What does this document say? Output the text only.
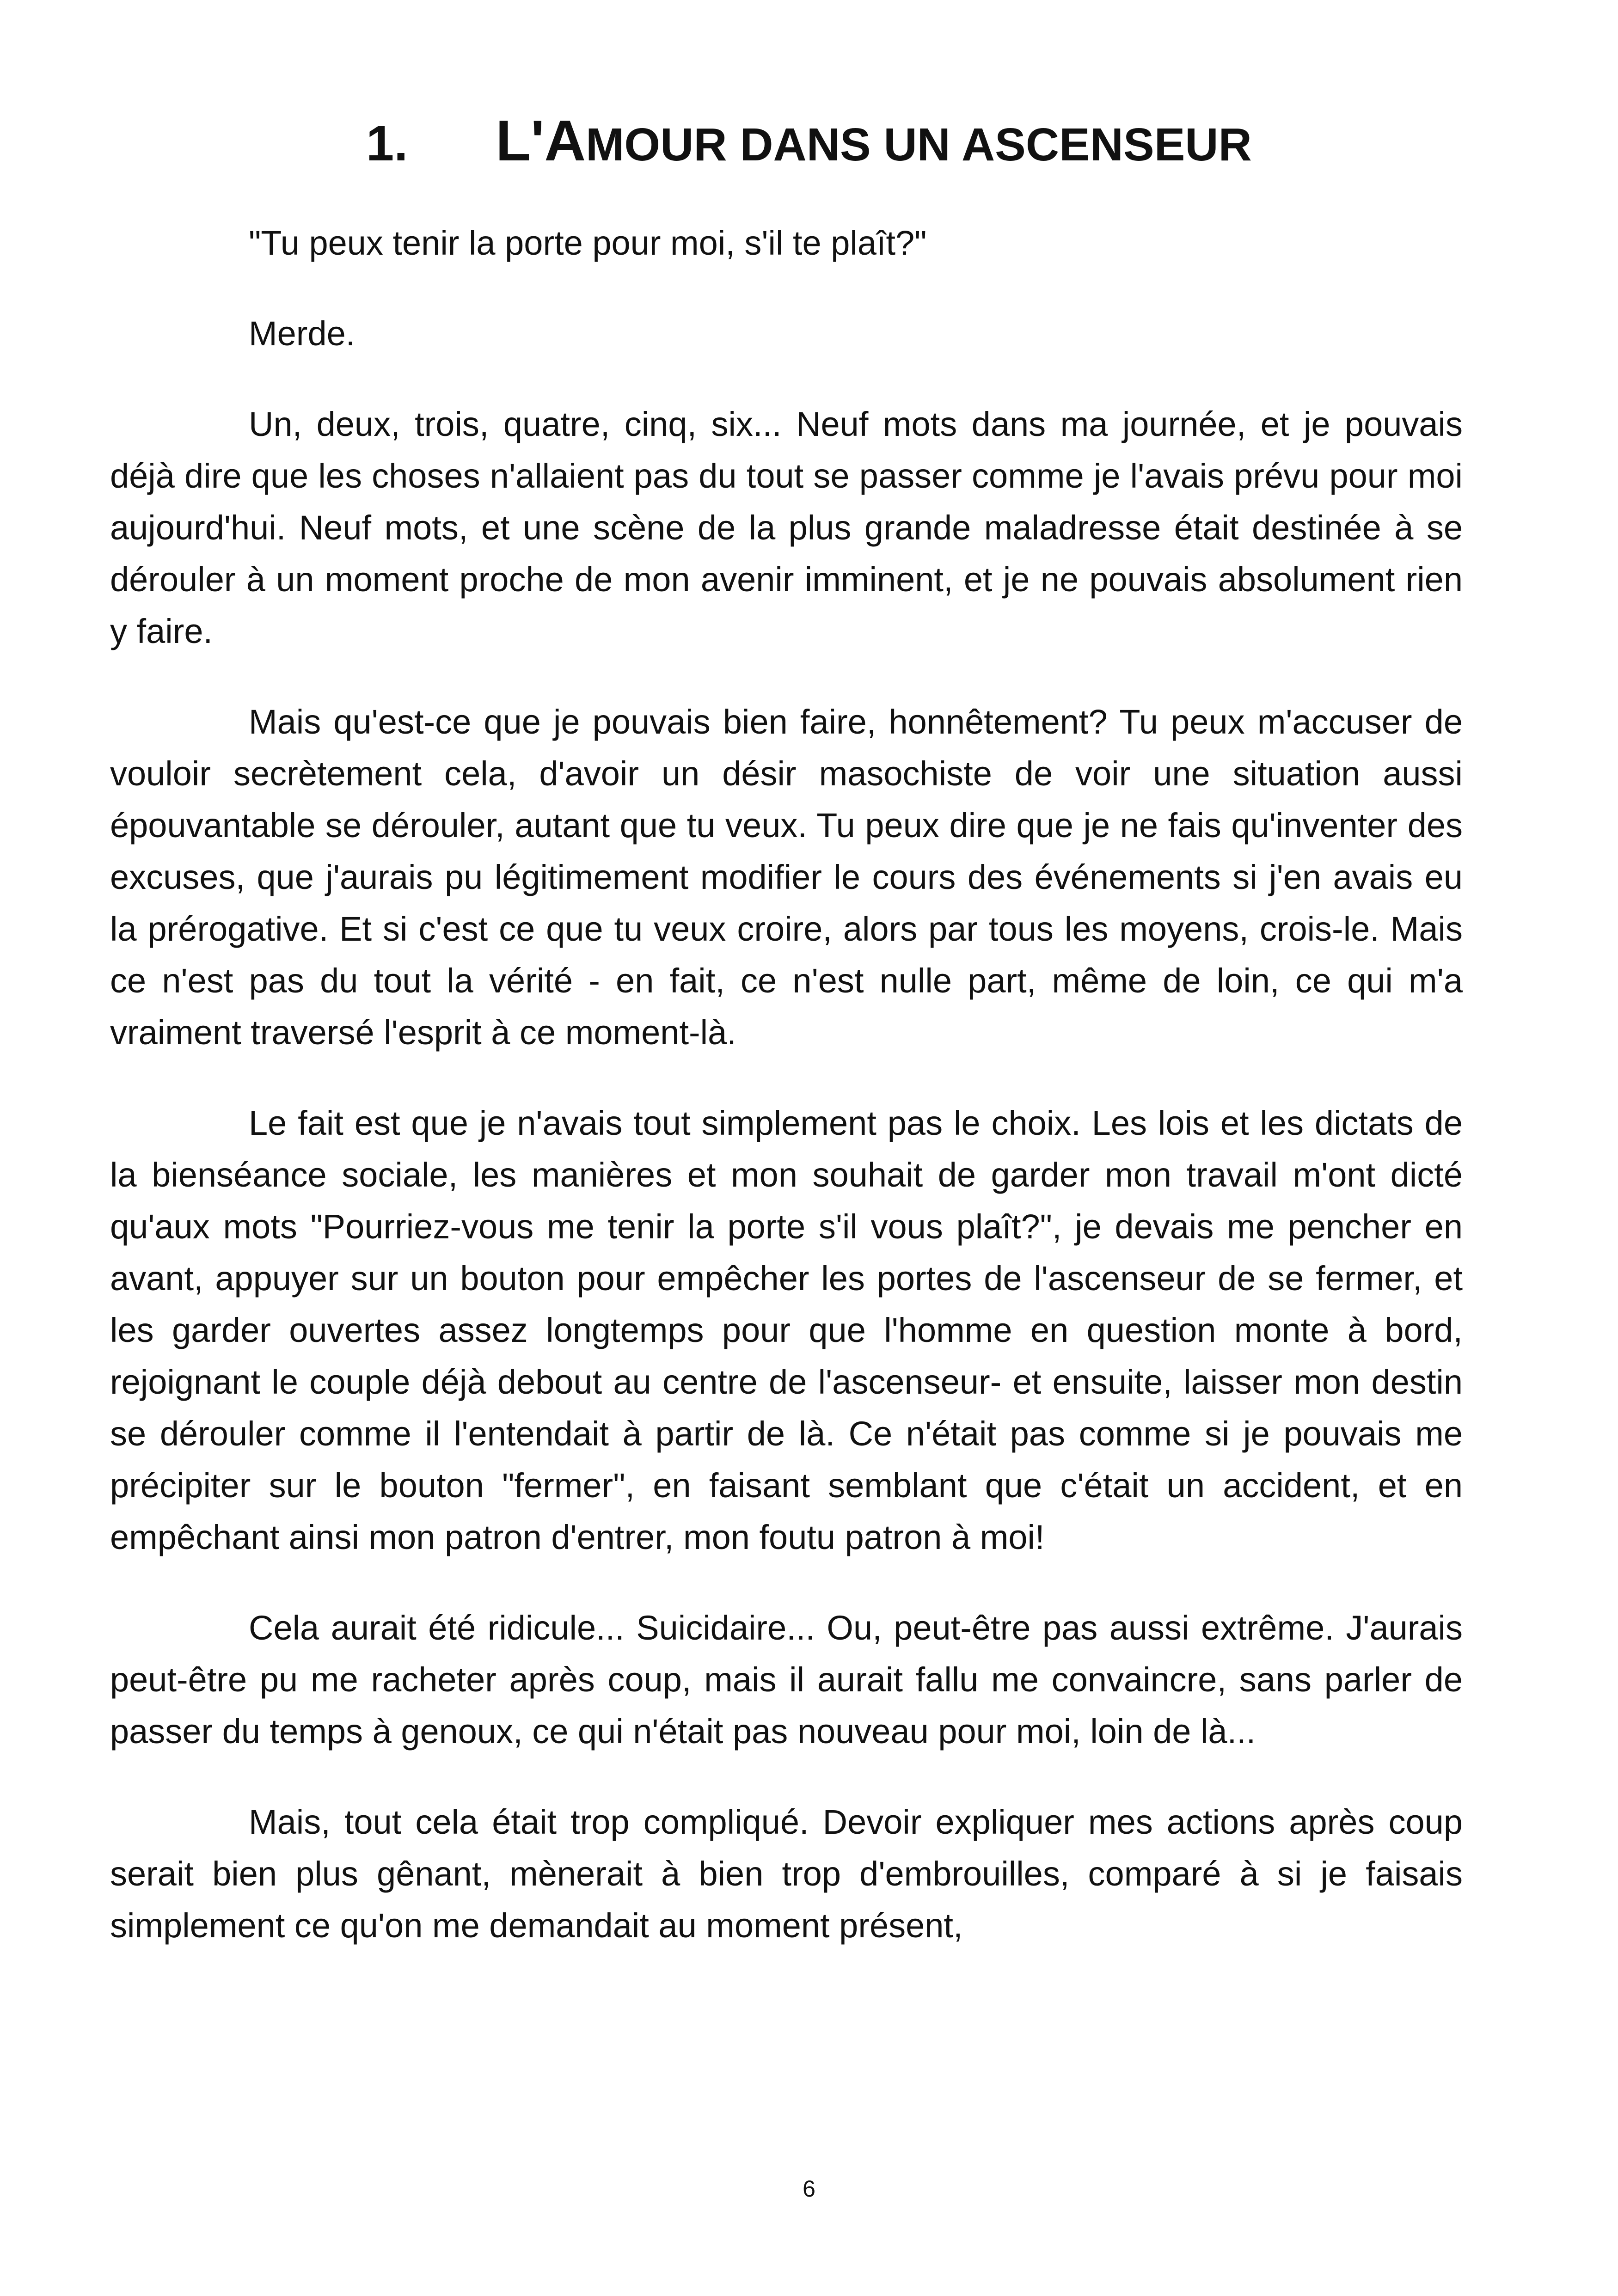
1. L'AMOUR DANS UN ASCENSEUR

"Tu peux tenir la porte pour moi, s'il te plaît?"

Merde.

Un, deux, trois, quatre, cinq, six... Neuf mots dans ma journée, et je pouvais déjà dire que les choses n'allaient pas du tout se passer comme je l'avais prévu pour moi aujourd'hui. Neuf mots, et une scène de la plus grande maladresse était destinée à se dérouler à un moment proche de mon avenir imminent, et je ne pouvais absolument rien y faire.

Mais qu'est-ce que je pouvais bien faire, honnêtement? Tu peux m'accuser de vouloir secrètement cela, d'avoir un désir masochiste de voir une situation aussi épouvantable se dérouler, autant que tu veux. Tu peux dire que je ne fais qu'inventer des excuses, que j'aurais pu légitimement modifier le cours des événements si j'en avais eu la prérogative. Et si c'est ce que tu veux croire, alors par tous les moyens, crois-le. Mais ce n'est pas du tout la vérité - en fait, ce n'est nulle part, même de loin, ce qui m'a vraiment traversé l'esprit à ce moment-là.

Le fait est que je n'avais tout simplement pas le choix. Les lois et les dictats de la bienséance sociale, les manières et mon souhait de garder mon travail m'ont dicté qu'aux mots "Pourriez-vous me tenir la porte s'il vous plaît?", je devais me pencher en avant, appuyer sur un bouton pour empêcher les portes de l'ascenseur de se fermer, et les garder ouvertes assez longtemps pour que l'homme en question monte à bord, rejoignant le couple déjà debout au centre de l'ascenseur- et ensuite, laisser mon destin se dérouler comme il l'entendait à partir de là. Ce n'était pas comme si je pouvais me précipiter sur le bouton "fermer", en faisant semblant que c'était un accident, et en empêchant ainsi mon patron d'entrer, mon foutu patron à moi!

Cela aurait été ridicule... Suicidaire... Ou, peut-être pas aussi extrême. J'aurais peut-être pu me racheter après coup, mais il aurait fallu me convaincre, sans parler de passer du temps à genoux, ce qui n'était pas nouveau pour moi, loin de là...

Mais, tout cela était trop compliqué. Devoir expliquer mes actions après coup serait bien plus gênant, mènerait à bien trop d'embrouilles, comparé à si je faisais simplement ce qu'on me demandait au moment présent,

6
